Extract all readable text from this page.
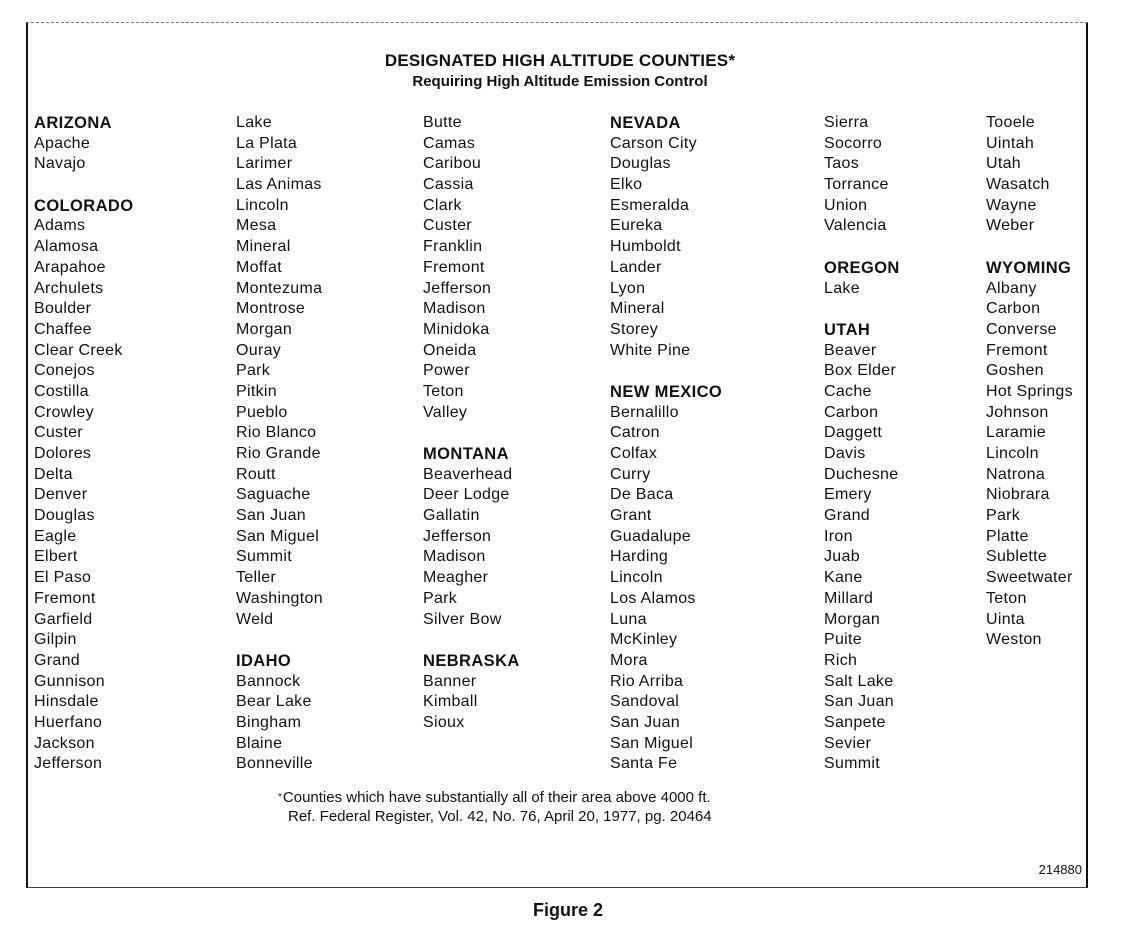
DESIGNATED HIGH ALTITUDE COUNTIES*
Requiring High Altitude Emission Control
ARIZONA
Apache
Navajo
COLORADO
Adams
Alamosa
Arapahoe
Archulets
Boulder
Chaffee
Clear Creek
Conejos
Costilla
Crowley
Custer
Dolores
Delta
Denver
Douglas
Eagle
Elbert
El Paso
Fremont
Garfield
Gilpin
Grand
Gunnison
Hinsdale
Huerfano
Jackson
Jefferson
Lake
La Plata
Larimer
Las Animas
Lincoln
Mesa
Mineral
Moffat
Montezuma
Montrose
Morgan
Ouray
Park
Pitkin
Pueblo
Rio Blanco
Rio Grande
Routt
Saguache
San Juan
San Miguel
Summit
Teller
Washington
Weld
IDAHO
Bannock
Bear Lake
Bingham
Blaine
Bonneville
Butte
Camas
Caribou
Cassia
Clark
Custer
Franklin
Fremont
Jefferson
Madison
Minidoka
Oneida
Power
Teton
Valley
MONTANA
Beaverhead
Deer Lodge
Gallatin
Jefferson
Madison
Meagher
Park
Silver Bow
NEBRASKA
Banner
Kimball
Sioux
NEVADA
Carson City
Douglas
Elko
Esmeralda
Eureka
Humboldt
Lander
Lyon
Mineral
Storey
White Pine
NEW MEXICO
Bernalillo
Catron
Colfax
Curry
De Baca
Grant
Guadalupe
Harding
Lincoln
Los Alamos
Luna
McKinley
Mora
Rio Arriba
Sandoval
San Juan
San Miguel
Santa Fe
Sierra
Socorro
Taos
Torrance
Union
Valencia
OREGON
Lake
UTAH
Beaver
Box Elder
Cache
Carbon
Daggett
Davis
Duchesne
Emery
Grand
Iron
Juab
Kane
Millard
Morgan
Puite
Rich
Salt Lake
San Juan
Sanpete
Sevier
Summit
Tooele
Uintah
Utah
Wasatch
Wayne
Weber
WYOMING
Albany
Carbon
Converse
Fremont
Goshen
Hot Springs
Johnson
Laramie
Lincoln
Natrona
Niobrara
Park
Platte
Sublette
Sweetwater
Teton
Uinta
Weston
*Counties which have substantially all of their area above 4000 ft.
Ref. Federal Register, Vol. 42, No. 76, April 20, 1977, pg. 20464
214880
Figure 2
